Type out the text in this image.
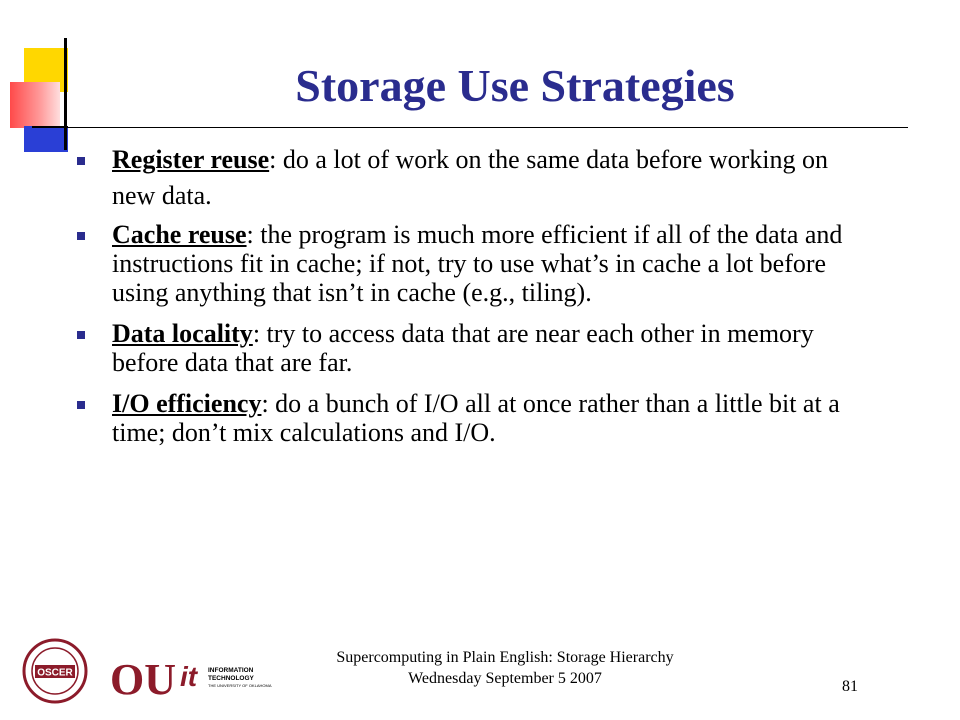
Storage Use Strategies
Register reuse: do a lot of work on the same data before working on new data.
Cache reuse: the program is much more efficient if all of the data and instructions fit in cache; if not, try to use what’s in cache a lot before using anything that isn’t in cache (e.g., tiling).
Data locality: try to access data that are near each other in memory before data that are far.
I/O efficiency: do a bunch of I/O all at once rather than a little bit at a time; don’t mix calculations and I/O.
OSCER OU it INFORMATION
TECHNOLOGY
THE UNIVERSITY OF OKLAHOMA
Supercomputing in Plain English: Storage Hierarchy
Wednesday September 5 2007	81
